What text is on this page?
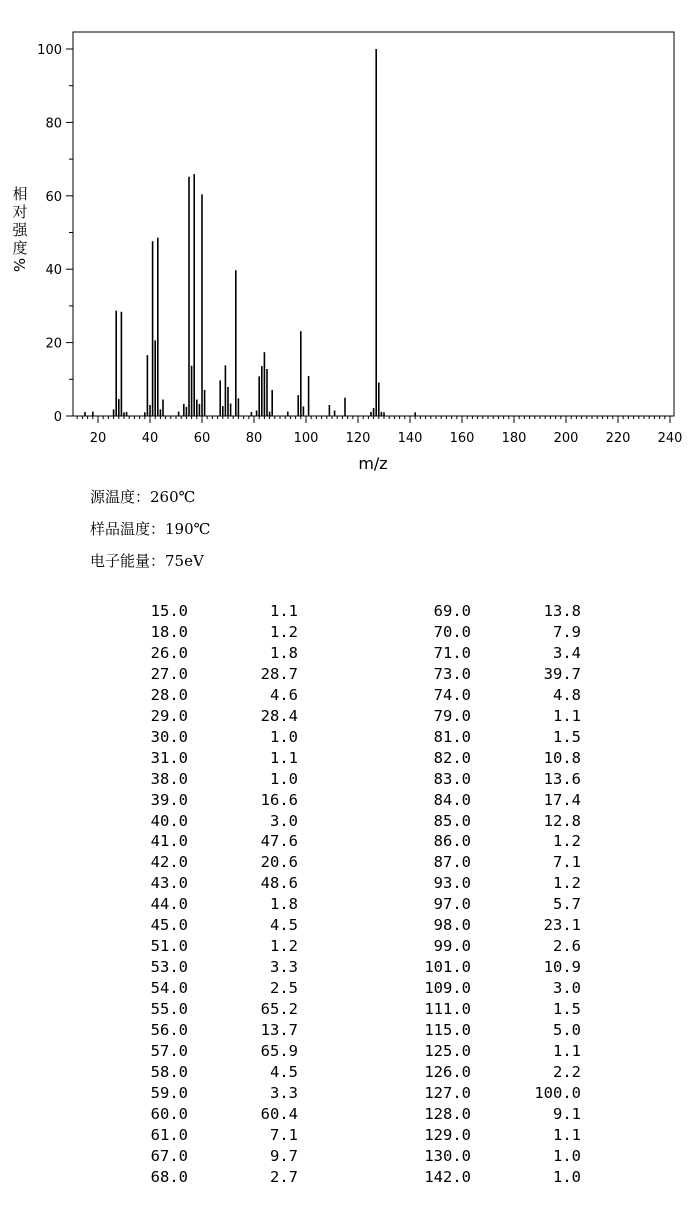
20	40	60	80 100 120 140 160 180 200 220 240
0
20
40
60
80
100
m/z
相
对
强
度
%
源温度：260℃
样品温度：190℃
电子能量：75eV
15.0	1.1	69.0	13.8
18.0	1.2	70.0	7.9
26.0	1.8	71.0	3.4
27.0	28.7	73.0	39.7
28.0	4.6	74.0	4.8
29.0	28.4	79.0	1.1
30.0	1.0	81.0	1.5
31.0	1.1	82.0	10.8
38.0	1.0	83.0	13.6
39.0	16.6	84.0	17.4
40.0	3.0	85.0	12.8
41.0	47.6	86.0	1.2
42.0	20.6	87.0	7.1
43.0	48.6	93.0	1.2
44.0	1.8	97.0	5.7
45.0	4.5	98.0	23.1
51.0	1.2	99.0	2.6
53.0	3.3	101.0	10.9
54.0	2.5	109.0	3.0
55.0	65.2	111.0	1.5
56.0	13.7	115.0	5.0
57.0	65.9	125.0	1.1
58.0	4.5	126.0	2.2
59.0	3.3	127.0	100.0
60.0	60.4	128.0	9.1
61.0	7.1	129.0	1.1
67.0	9.7	130.0	1.0
68.0	2.7	142.0	1.0
